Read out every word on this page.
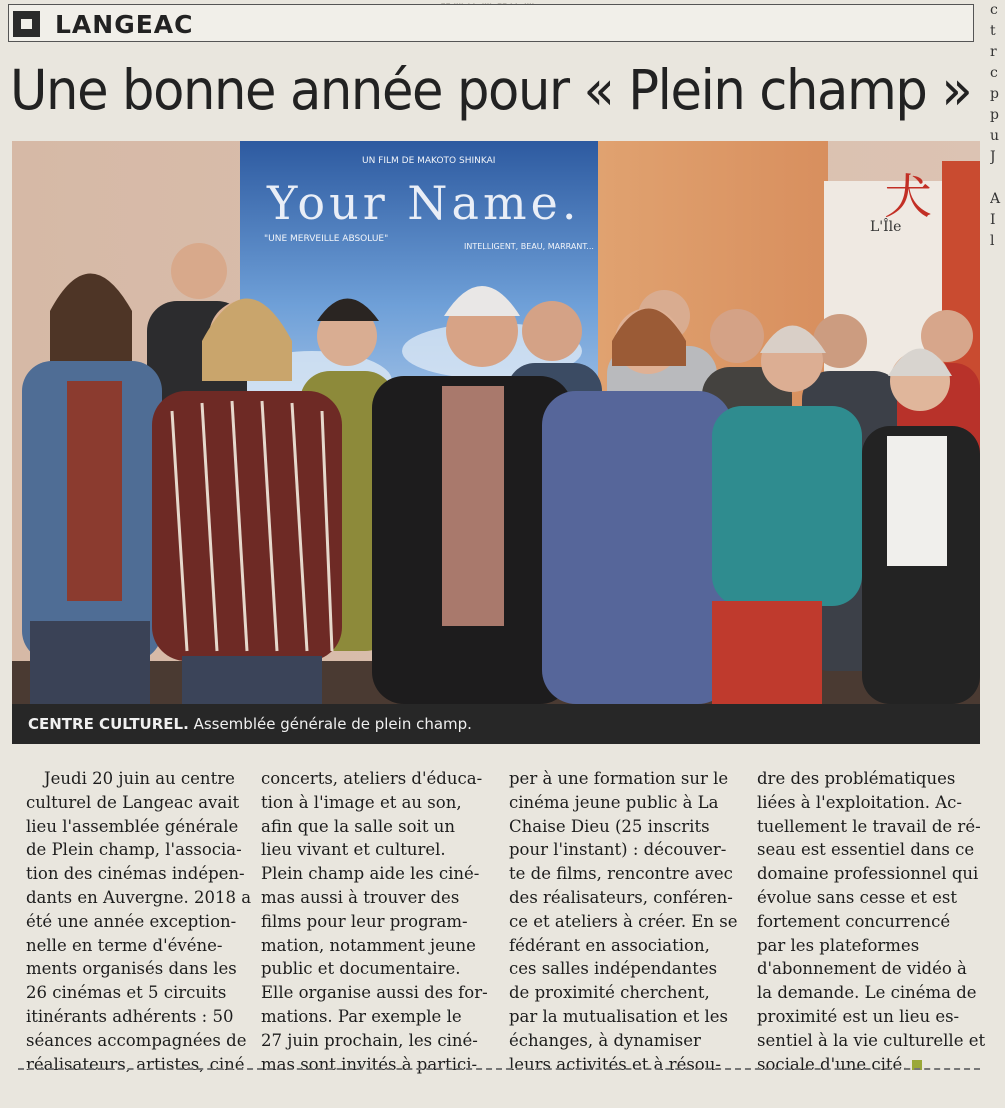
LANGEAC	c
t
r
c
p
p
u
J

A
I
l
Une bonne année pour « Plein champ »
UN FILM DE MAKOTO SHINKAI
Your Name.
"UNE MERVEILLE ABSOLUE"
INTELLIGENT, BEAU, MARRANT...
L'Île
犬
CENTRE CULTUREL. Assemblée générale de plein champ.
Jeudi 20 juin au centre
culturel de Langeac avait
lieu l'assemblée générale
de Plein champ, l'associa-
tion des cinémas indépen-
dants en Auvergne. 2018 a
été une année exception-
nelle en terme d'événe-
ments organisés dans les
26 cinémas et 5 circuits
itinérants adhérents : 50
séances accompagnées de
réalisateurs, artistes, ciné
concerts, ateliers d'éduca-
tion à l'image et au son,
afin que la salle soit un
lieu vivant et culturel.
Plein champ aide les ciné-
mas aussi à trouver des
films pour leur program-
mation, notamment jeune
public et documentaire.
Elle organise aussi des for-
mations. Par exemple le
27 juin prochain, les ciné-
mas sont invités à partici-
per à une formation sur le
cinéma jeune public à La
Chaise Dieu (25 inscrits
pour l'instant) : découver-
te de films, rencontre avec
des réalisateurs, conféren-
ce et ateliers à créer. En se
fédérant en association,
ces salles indépendantes
de proximité cherchent,
par la mutualisation et les
échanges, à dynamiser
leurs activités et à résou-
dre des problématiques
liées à l'exploitation. Ac-
tuellement le travail de ré-
seau est essentiel dans ce
domaine professionnel qui
évolue sans cesse et est
fortement concurrencé
par les plateformes
d'abonnement de vidéo à
la demande. Le cinéma de
proximité est un lieu es-
sentiel à la vie culturelle et
sociale d'une cité.
